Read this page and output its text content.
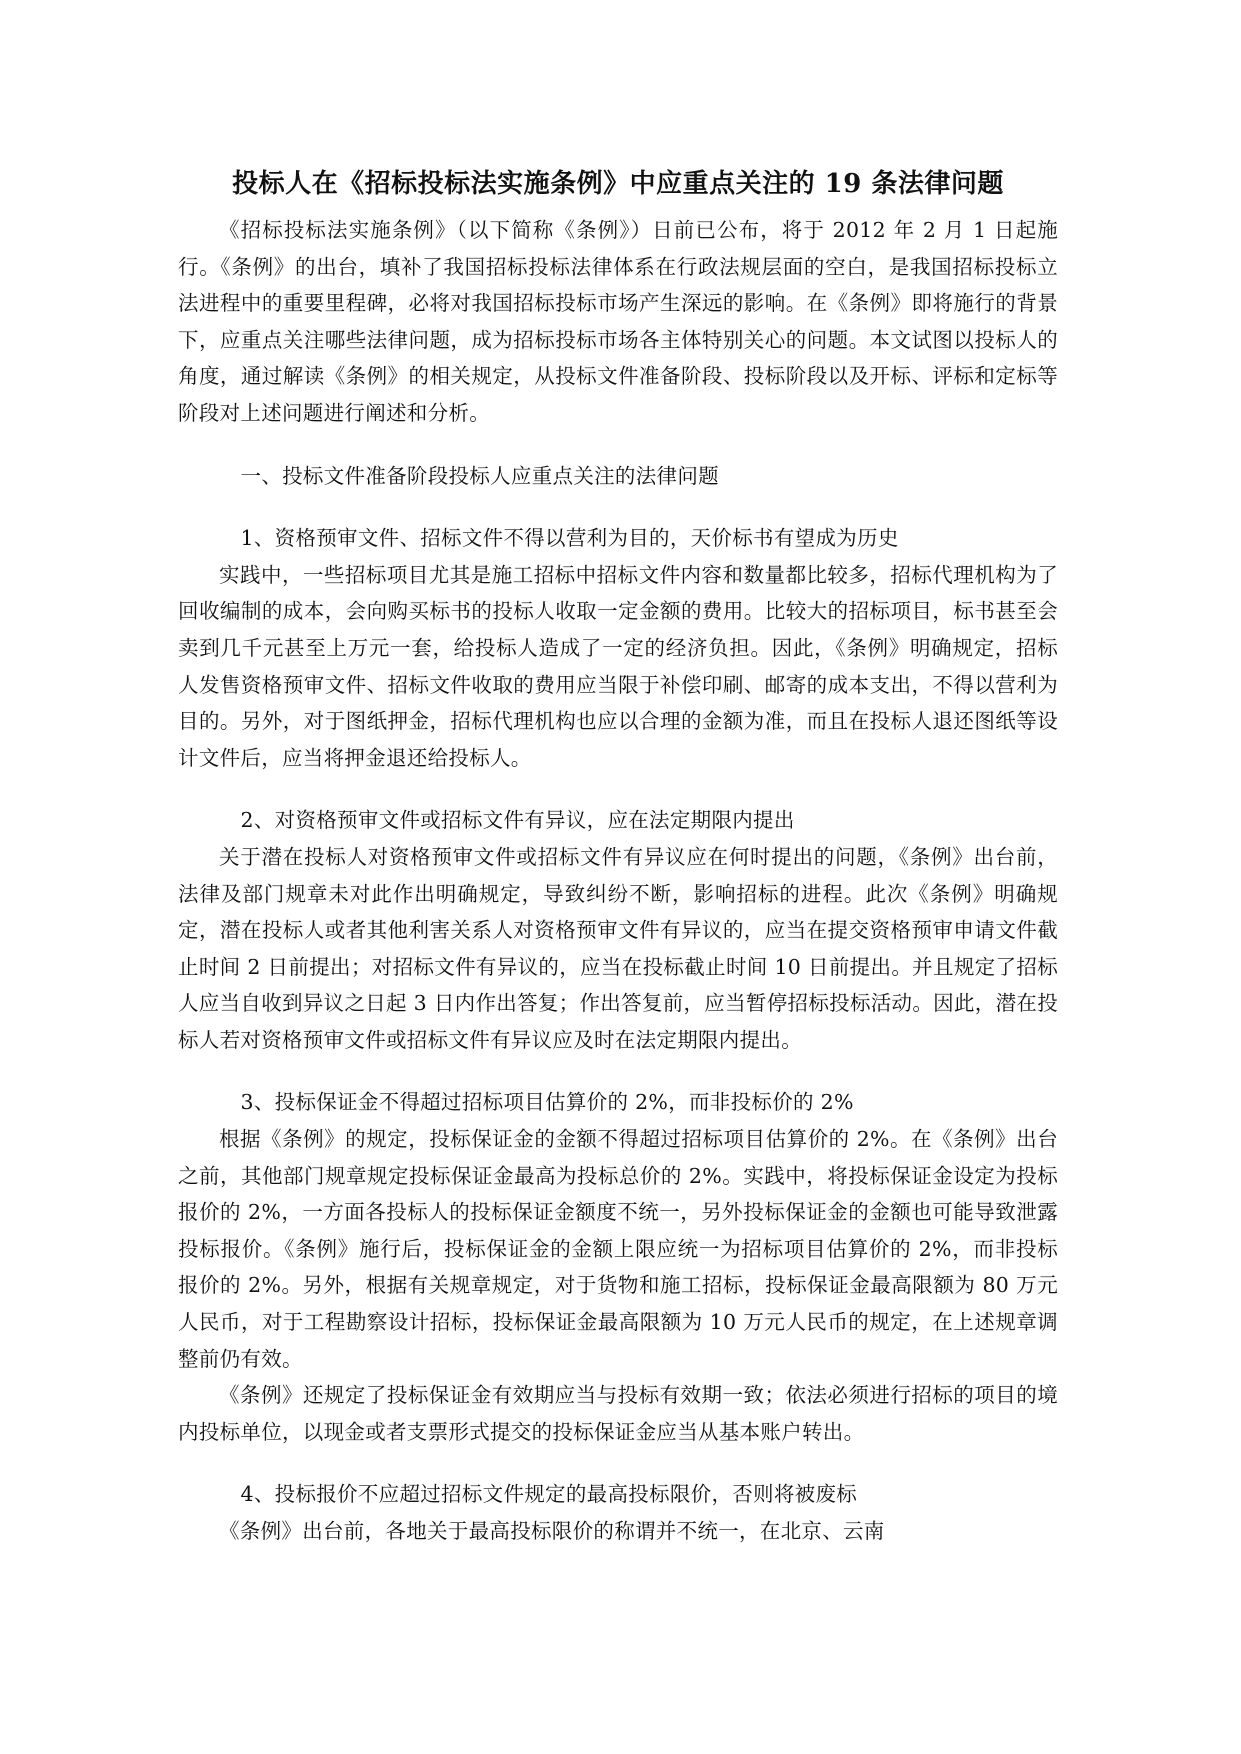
投标人在《招标投标法实施条例》中应重点关注的 19 条法律问题

《招标投标法实施条例》（以下简称《条例》）日前已公布，将于 2012 年 2 月 1 日起施行。《条例》的出台，填补了我国招标投标法律体系在行政法规层面的空白，是我国招标投标立法进程中的重要里程碑，必将对我国招标投标市场产生深远的影响。在《条例》即将施行的背景下，应重点关注哪些法律问题，成为招标投标市场各主体特别关心的问题。本文试图以投标人的角度，通过解读《条例》的相关规定，从投标文件准备阶段、投标阶段以及开标、评标和定标等阶段对上述问题进行阐述和分析。

一、投标文件准备阶段投标人应重点关注的法律问题

1、资格预审文件、招标文件不得以营利为目的，天价标书有望成为历史

实践中，一些招标项目尤其是施工招标中招标文件内容和数量都比较多，招标代理机构为了回收编制的成本，会向购买标书的投标人收取一定金额的费用。比较大的招标项目，标书甚至会卖到几千元甚至上万元一套，给投标人造成了一定的经济负担。因此，《条例》明确规定，招标人发售资格预审文件、招标文件收取的费用应当限于补偿印刷、邮寄的成本支出，不得以营利为目的。另外，对于图纸押金，招标代理机构也应以合理的金额为准，而且在投标人退还图纸等设计文件后，应当将押金退还给投标人。

2、对资格预审文件或招标文件有异议，应在法定期限内提出

关于潜在投标人对资格预审文件或招标文件有异议应在何时提出的问题，《条例》出台前，法律及部门规章未对此作出明确规定，导致纠纷不断，影响招标的进程。此次《条例》明确规定，潜在投标人或者其他利害关系人对资格预审文件有异议的，应当在提交资格预审申请文件截止时间 2 日前提出；对招标文件有异议的，应当在投标截止时间 10 日前提出。并且规定了招标人应当自收到异议之日起 3 日内作出答复；作出答复前，应当暂停招标投标活动。因此，潜在投标人若对资格预审文件或招标文件有异议应及时在法定期限内提出。

3、投标保证金不得超过招标项目估算价的 2%，而非投标价的 2%

根据《条例》的规定，投标保证金的金额不得超过招标项目估算价的 2%。在《条例》出台之前，其他部门规章规定投标保证金最高为投标总价的 2%。实践中，将投标保证金设定为投标报价的 2%，一方面各投标人的投标保证金额度不统一，另外投标保证金的金额也可能导致泄露投标报价。《条例》施行后，投标保证金的金额上限应统一为招标项目估算价的 2%，而非投标报价的 2%。另外，根据有关规章规定，对于货物和施工招标，投标保证金最高限额为 80 万元人民币，对于工程勘察设计招标，投标保证金最高限额为 10 万元人民币的规定，在上述规章调整前仍有效。

《条例》还规定了投标保证金有效期应当与投标有效期一致；依法必须进行招标的项目的境内投标单位，以现金或者支票形式提交的投标保证金应当从基本账户转出。

4、投标报价不应超过招标文件规定的最高投标限价，否则将被废标

《条例》出台前，各地关于最高投标限价的称谓并不统一，在北京、云南
